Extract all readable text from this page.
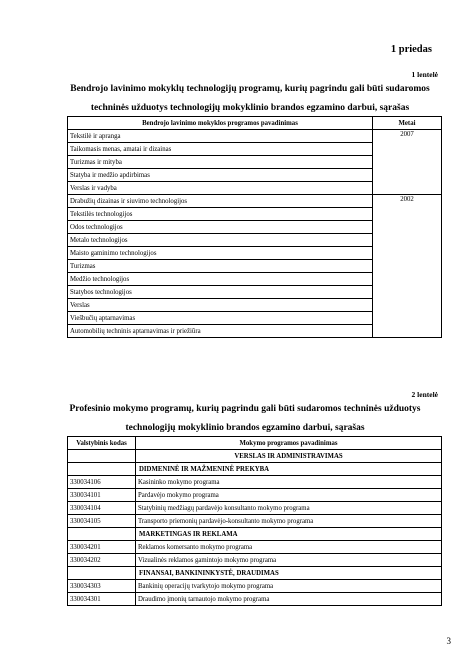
1 priedas
1 lentelė
Bendrojo lavinimo mokyklų technologijų programų, kurių pagrindu gali būti sudaromos
techninės užduotys technologijų mokyklinio brandos egzamino darbui, sąrašas
Bendrojo lavinimo mokyklos programos pavadinimas	Metai
Tekstilė ir apranga	2007
Taikomasis menas, amatai ir dizainas	
Turizmas ir mityba	
Statyba ir medžio apdirbimas	
Verslas ir vadyba	
Drabužių dizainas ir siuvimo technologijos	2002
Tekstilės technologijos	
Odos technologijos	
Metalo technologijos	
Maisto gaminimo technologijos	
Turizmas	
Medžio technologijos	
Statybos technologijos	
Verslas	
Viešbučių aptarnavimas	
Automobilių techninis aptarnavimas ir priežiūra	
2 lentelė
Profesinio mokymo programų, kurių pagrindu gali būti sudaromos techninės užduotys
technologijų mokyklinio brandos egzamino darbui, sąrašas
Valstybinis kodas	Mokymo programos pavadinimas
	VERSLAS IR ADMINISTRAVIMAS
	DIDMENINĖ IR MAŽMENINĖ PREKYBA
330034106	Kasininko mokymo programa
330034101	Pardavėjo mokymo programa
330034104	Statybinių medžiagų pardavėjo konsultanto mokymo programa
330034105	Transporto priemonių pardavėjo-konsultanto mokymo programa
	MARKETINGAS IR REKLAMA
330034201	Reklamos komersanto mokymo programa
330034202	Vizualinės reklamos gamintojo mokymo programa
	FINANSAI, BANKININKYSTĖ, DRAUDIMAS
330034303	Bankinių operacijų tvarkytojo mokymo programa
330034301	Draudimo įmonių tarnautojo mokymo programa
3
